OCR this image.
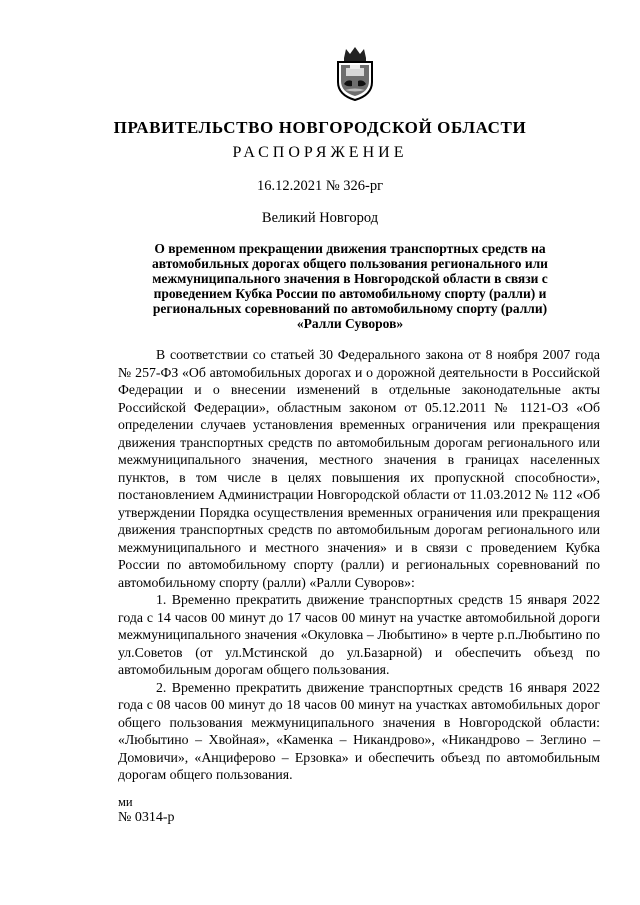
ПРАВИТЕЛЬСТВО НОВГОРОДСКОЙ ОБЛАСТИ
РАСПОРЯЖЕНИЕ
16.12.2021 № 326-рг
Великий Новгород
О временном прекращении движения транспортных средств на автомобильных дорогах общего пользования регионального или межмуниципального значения в Новгородской области в связи с проведением Кубка России по автомобильному спорту (ралли) и региональных соревнований по автомобильному спорту (ралли) «Ралли Суворов»

В соответствии со статьей 30 Федерального закона от 8 ноября 2007 года № 257-ФЗ «Об автомобильных дорогах и о дорожной деятельности в Российской Федерации и о внесении изменений в отдельные законодательные акты Российской Федерации», областным законом от 05.12.2011 № 1121-ОЗ «Об определении случаев установления временных ограничения или прекращения движения транспортных средств по автомобильным дорогам регионального или межмуниципального значения, местного значения в границах населенных пунктов, в том числе в целях повышения их пропускной способности», постановлением Администрации Новгородской области от 11.03.2012 № 112 «Об утверждении Порядка осуществления временных ограничения или прекращения движения транспортных средств по автомобильным дорогам регионального или межмуниципального и местного значения» и в связи с проведением Кубка России по автомобильному спорту (ралли) и региональных соревнований по автомобильному спорту (ралли) «Ралли Суворов»:

1. Временно прекратить движение транспортных средств 15 января 2022 года с 14 часов 00 минут до 17 часов 00 минут на участке автомобильной дороги межмуниципального значения «Окуловка – Любытино» в черте р.п.Любытино по ул.Советов (от ул.Мстинской до ул.Базарной) и обеспечить объезд по автомобильным дорогам общего пользования.

2. Временно прекратить движение транспортных средств 16 января 2022 года с 08 часов 00 минут до 18 часов 00 минут на участках автомобильных дорог общего пользования межмуниципального значения в Новгородской области: «Любытино – Хвойная», «Каменка – Никандрово», «Никандрово – Зеглино – Домовичи», «Анциферово – Ерзовка» и обеспечить объезд по автомобильным дорогам общего пользования.

ми
№ 0314-р
